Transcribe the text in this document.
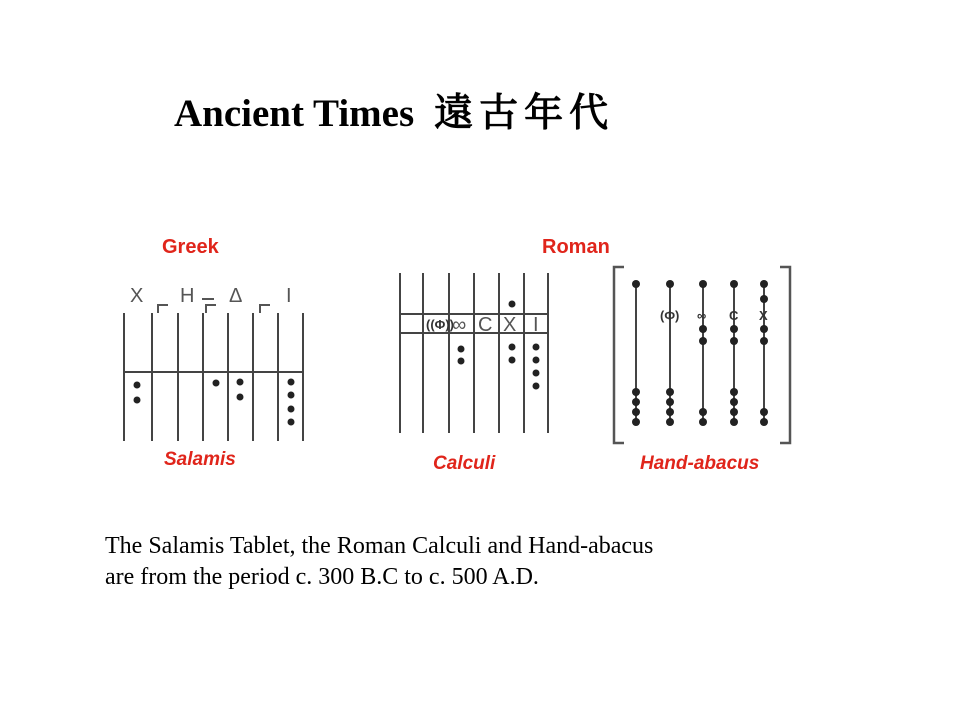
Ancient Times 遠古年代
Greek	Roman
X H Δ I
((Φ))
∞ C X I	(Φ) ∞ C X
Salamis	Calculi	Hand-abacus
The Salamis Tablet, the Roman Calculi and Hand-abacus
are from the period c. 300 B.C to c. 500 A.D.
